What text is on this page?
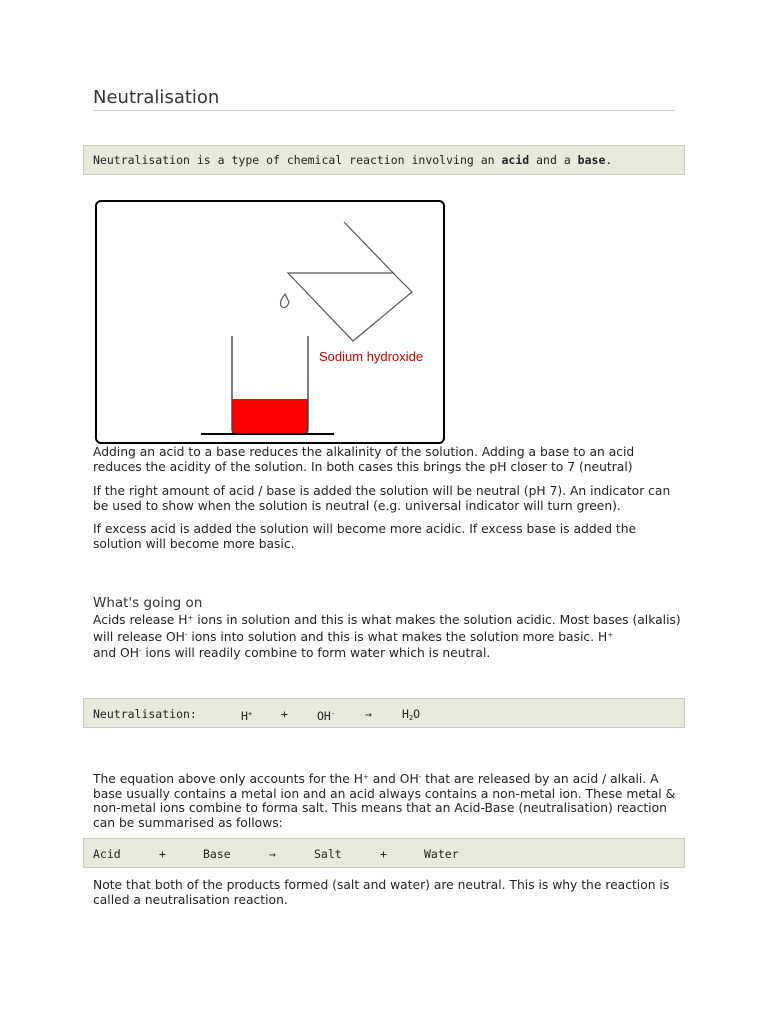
Neutralisation
Neutralisation is a type of chemical reaction involving an acid and a base.
Sodium hydroxide
Adding an acid to a base reduces the alkalinity of the solution. Adding a base to an acid reduces the acidity of the solution. In both cases this brings the pH closer to 7 (neutral)
If the right amount of acid / base is added the solution will be neutral (pH 7). An indicator can be used to show when the solution is neutral (e.g. universal indicator will turn green).
If excess acid is added the solution will become more acidic. If excess base is added the solution will become more basic.
What's going on
Acids release H+ ions in solution and this is what makes the solution acidic. Most bases (alkalis) will release OH- ions into solution and this is what makes the solution more basic. H+
and OH- ions will readily combine to form water which is neutral.
Neutralisation:	H+	+	OH-	→	$H_2O$
The equation above only accounts for the H+ and OH- that are released by an acid / alkali. A base usually contains a metal ion and an acid always contains a non-metal ion. These metal & non-metal ions combine to forma salt. This means that an Acid-Base (neutralisation) reaction can be summarised as follows:
Acid	+	Base	→	Salt	+	Water
Note that both of the products formed (salt and water) are neutral. This is why the reaction is called a neutralisation reaction.
